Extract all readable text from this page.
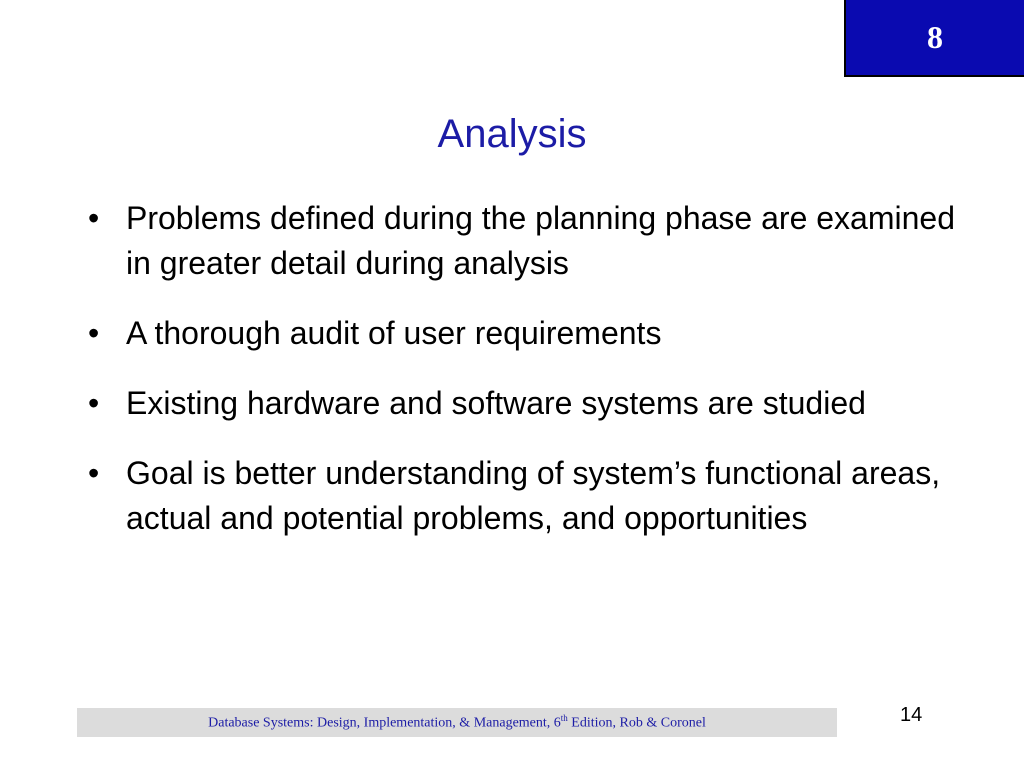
8
Analysis
• Problems defined during the planning phase are examined in greater detail during analysis
• A thorough audit of user requirements
• Existing hardware and software systems are studied
• Goal is better understanding of system’s functional areas, actual and potential problems, and opportunities
Database Systems: Design, Implementation, & Management, 6th Edition, Rob & Coronel	14
